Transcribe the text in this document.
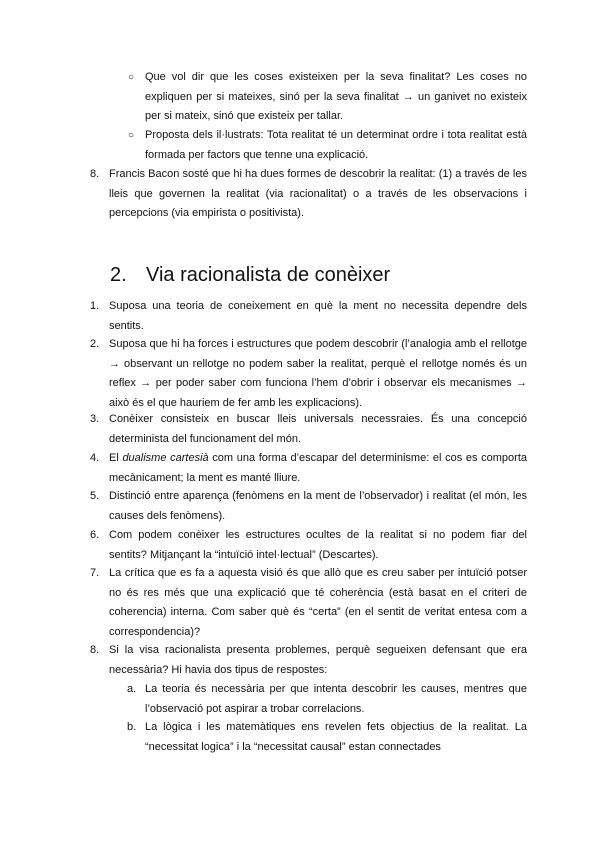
○ Que vol dir que les coses existeixen per la seva finalitat? Les coses no expliquen per si mateixes, sinó per la seva finalitat → un ganivet no existeix per si mateix, sinó que existeix per tallar.
○ Proposta dels il·lustrats: Tota realitat té un determinat ordre i tota realitat està formada per factors que tenne una explicació.
8. Francis Bacon sosté que hi ha dues formes de descobrir la realitat: (1) a través de les lleis que governen la realitat (via racionalitat) o a través de les observacions i percepcions (via empirista o positivista).
2. Via racionalista de conèixer
1. Suposa una teoria de coneixement en què la ment no necessita dependre dels sentits.
2. Suposa que hi ha forces i estructures que podem descobrir (l’analogia amb el rellotge → observant un rellotge no podem saber la realitat, perquè el rellotge només és un reflex → per poder saber com funciona l’hem d’obrir i observar els mecanismes → això és el que hauriem de fer amb les explicacions).
3. Conèixer consisteix en buscar lleis universals necessraies. És una concepció determinista del funcionament del món.
4. El dualisme cartesià com una forma d’escapar del determinisme: el cos es comporta mecànicament; la ment es manté lliure.
5. Distinció entre aparença (fenòmens en la ment de l’observador) i realitat (el món, les causes dels fenòmens).
6. Com podem conèixer les estructures ocultes de la realitat si no podem fiar del sentits? Mitjançant la “intuïció intel·lectual” (Descartes).
7. La crítica que es fa a aquesta visió és que allò que es creu saber per intuïció potser no és res més que una explicació que té coherència (està basat en el criteri de coherencia) interna. Com saber què és “certa” (en el sentit de veritat entesa com a correspondencia)?
8. Si la visa racionalista presenta problemes, perquè segueixen defensant que era necessària? Hi havia dos tipus de respostes:
a. La teoria és necessària per que intenta descobrir les causes, mentres que l’observació pot aspirar a trobar correlacions.
b. La lògica i les matemàtiques ens revelen fets objectius de la realitat. La “necessitat logica” i la “necessitat causal” estan connectades
